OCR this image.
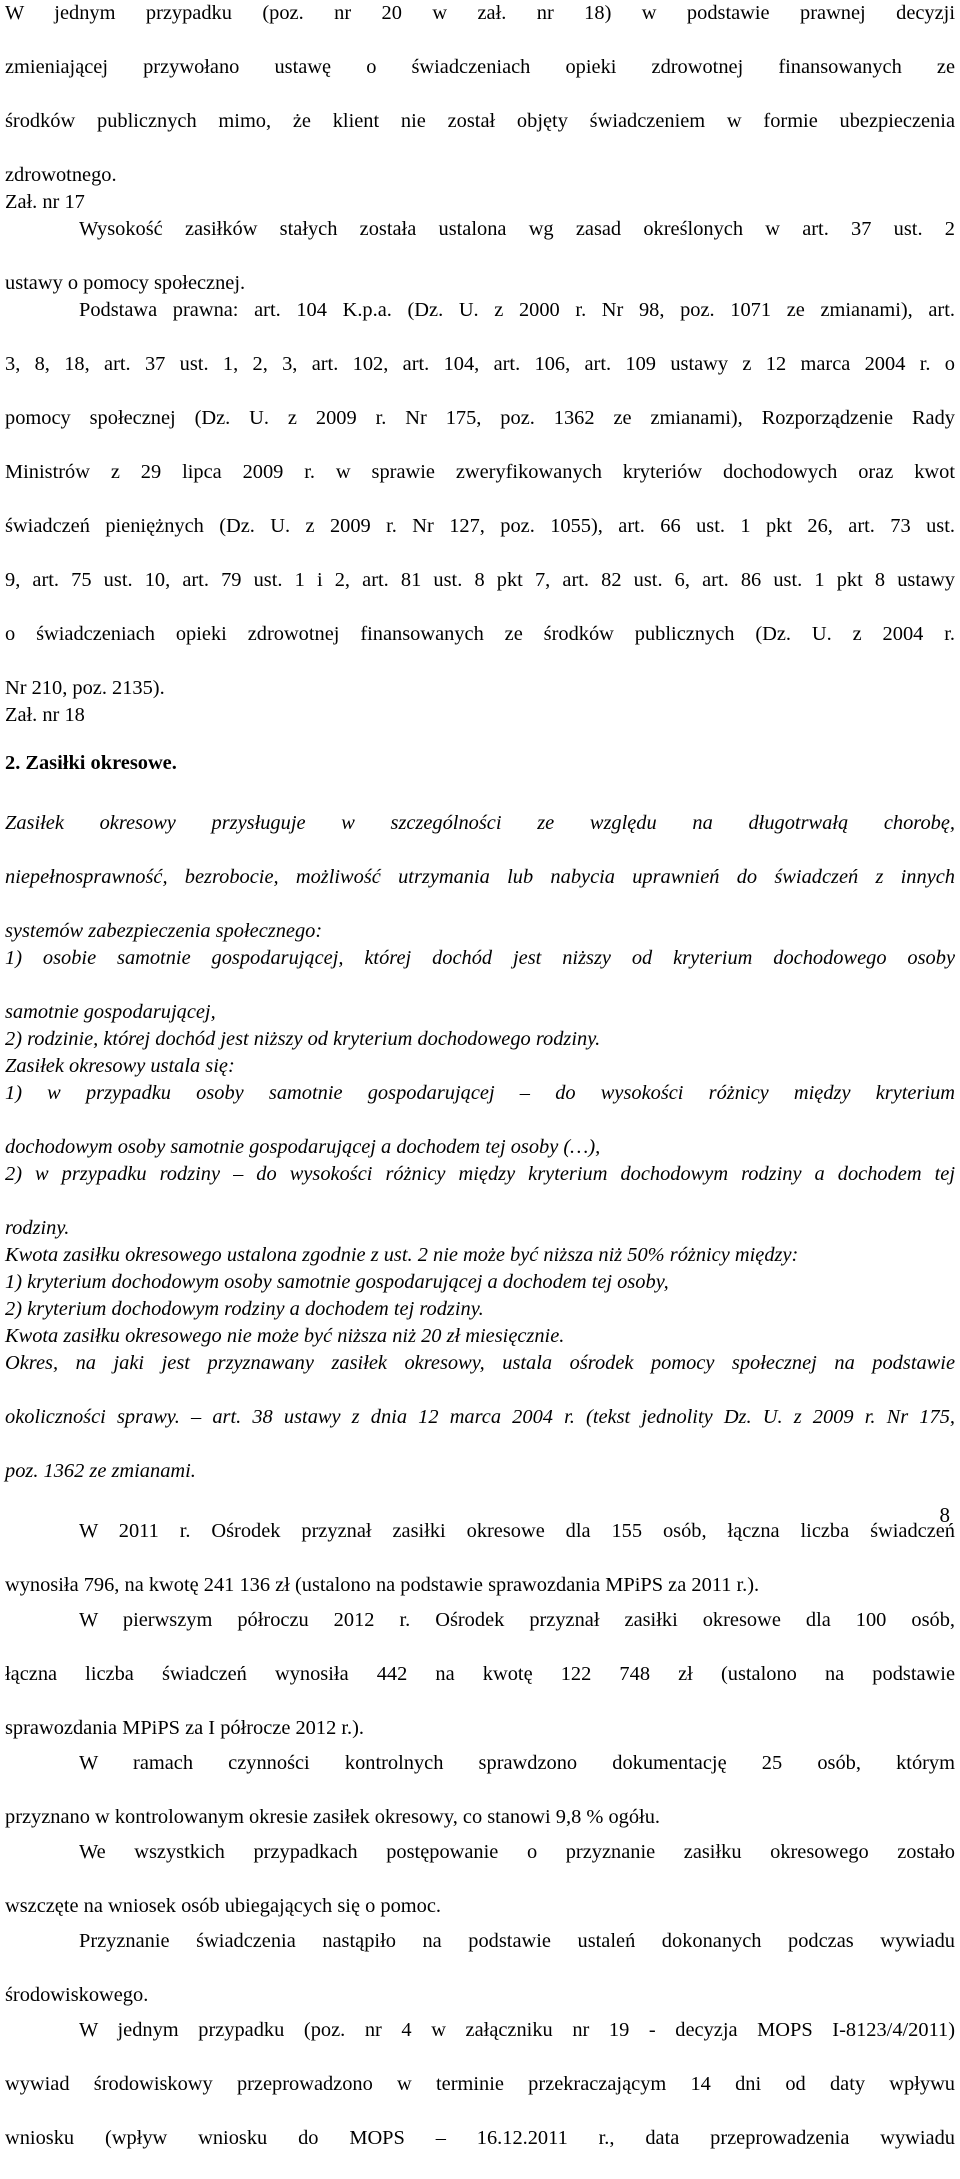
W jednym przypadku (poz. nr 20 w zał. nr 18) w podstawie prawnej decyzji
zmieniającej przywołano ustawę o świadczeniach opieki zdrowotnej finansowanych ze
środków publicznych mimo, że klient nie został objęty świadczeniem w formie ubezpieczenia
zdrowotnego.
Zał. nr 17
Wysokość zasiłków stałych została ustalona wg zasad określonych w art. 37 ust. 2
ustawy o pomocy społecznej.
Podstawa prawna: art. 104 K.p.a. (Dz. U. z 2000 r. Nr 98, poz. 1071 ze zmianami), art.
3, 8, 18, art. 37 ust. 1, 2, 3, art. 102, art. 104, art. 106, art. 109 ustawy z 12 marca 2004 r. o
pomocy społecznej (Dz. U. z 2009 r. Nr 175, poz. 1362 ze zmianami), Rozporządzenie Rady
Ministrów z 29 lipca 2009 r. w sprawie zweryfikowanych kryteriów dochodowych oraz kwot
świadczeń pieniężnych (Dz. U. z 2009 r. Nr 127, poz. 1055), art. 66 ust. 1 pkt 26, art. 73 ust.
9, art. 75 ust. 10, art. 79 ust. 1 i 2, art. 81 ust. 8 pkt 7, art. 82 ust. 6, art. 86 ust. 1 pkt 8 ustawy
o świadczeniach opieki zdrowotnej finansowanych ze środków publicznych (Dz. U. z 2004 r.
Nr 210, poz. 2135).
Zał. nr 18
2. Zasiłki okresowe.
Zasiłek okresowy przysługuje w szczególności ze względu na długotrwałą chorobę,
niepełnosprawność, bezrobocie, możliwość utrzymania lub nabycia uprawnień do świadczeń z innych
systemów zabezpieczenia społecznego:
1) osobie samotnie gospodarującej, której dochód jest niższy od kryterium dochodowego osoby
samotnie gospodarującej,
2) rodzinie, której dochód jest niższy od kryterium dochodowego rodziny.
Zasiłek okresowy ustala się:
1) w przypadku osoby samotnie gospodarującej – do wysokości różnicy między kryterium
dochodowym osoby samotnie gospodarującej a dochodem tej osoby (…),
2) w przypadku rodziny – do wysokości różnicy między kryterium dochodowym rodziny a dochodem tej
rodziny.
Kwota zasiłku okresowego ustalona zgodnie z ust. 2 nie może być niższa niż 50% różnicy między:
1) kryterium dochodowym osoby samotnie gospodarującej a dochodem tej osoby,
2) kryterium dochodowym rodziny a dochodem tej rodziny.
Kwota zasiłku okresowego nie może być niższa niż 20 zł miesięcznie.
Okres, na jaki jest przyznawany zasiłek okresowy, ustala ośrodek pomocy społecznej na podstawie
okoliczności sprawy. – art. 38 ustawy z dnia 12 marca 2004 r. (tekst jednolity Dz. U. z 2009 r. Nr 175,
poz. 1362 ze zmianami.
W 2011 r. Ośrodek przyznał zasiłki okresowe dla 155 osób, łączna liczba świadczeń
wynosiła 796, na kwotę 241 136 zł (ustalono na podstawie sprawozdania MPiPS za 2011 r.).
W pierwszym półroczu 2012 r. Ośrodek przyznał zasiłki okresowe dla 100 osób,
łączna liczba świadczeń wynosiła 442 na kwotę 122 748 zł (ustalono na podstawie
sprawozdania MPiPS za I półrocze 2012 r.).
W ramach czynności kontrolnych sprawdzono dokumentację 25 osób, którym
przyznano w kontrolowanym okresie zasiłek okresowy, co stanowi 9,8 % ogółu.
We wszystkich przypadkach postępowanie o przyznanie zasiłku okresowego zostało
wszczęte na wniosek osób ubiegających się o pomoc.
Przyznanie świadczenia nastąpiło na podstawie ustaleń dokonanych podczas wywiadu
środowiskowego.
W jednym przypadku (poz. nr 4 w załączniku nr 19 - decyzja MOPS I-8123/4/2011)
wywiad środowiskowy przeprowadzono w terminie przekraczającym 14 dni od daty wpływu
wniosku (wpływ wniosku do MOPS – 16.12.2011 r., data przeprowadzenia wywiadu
8
